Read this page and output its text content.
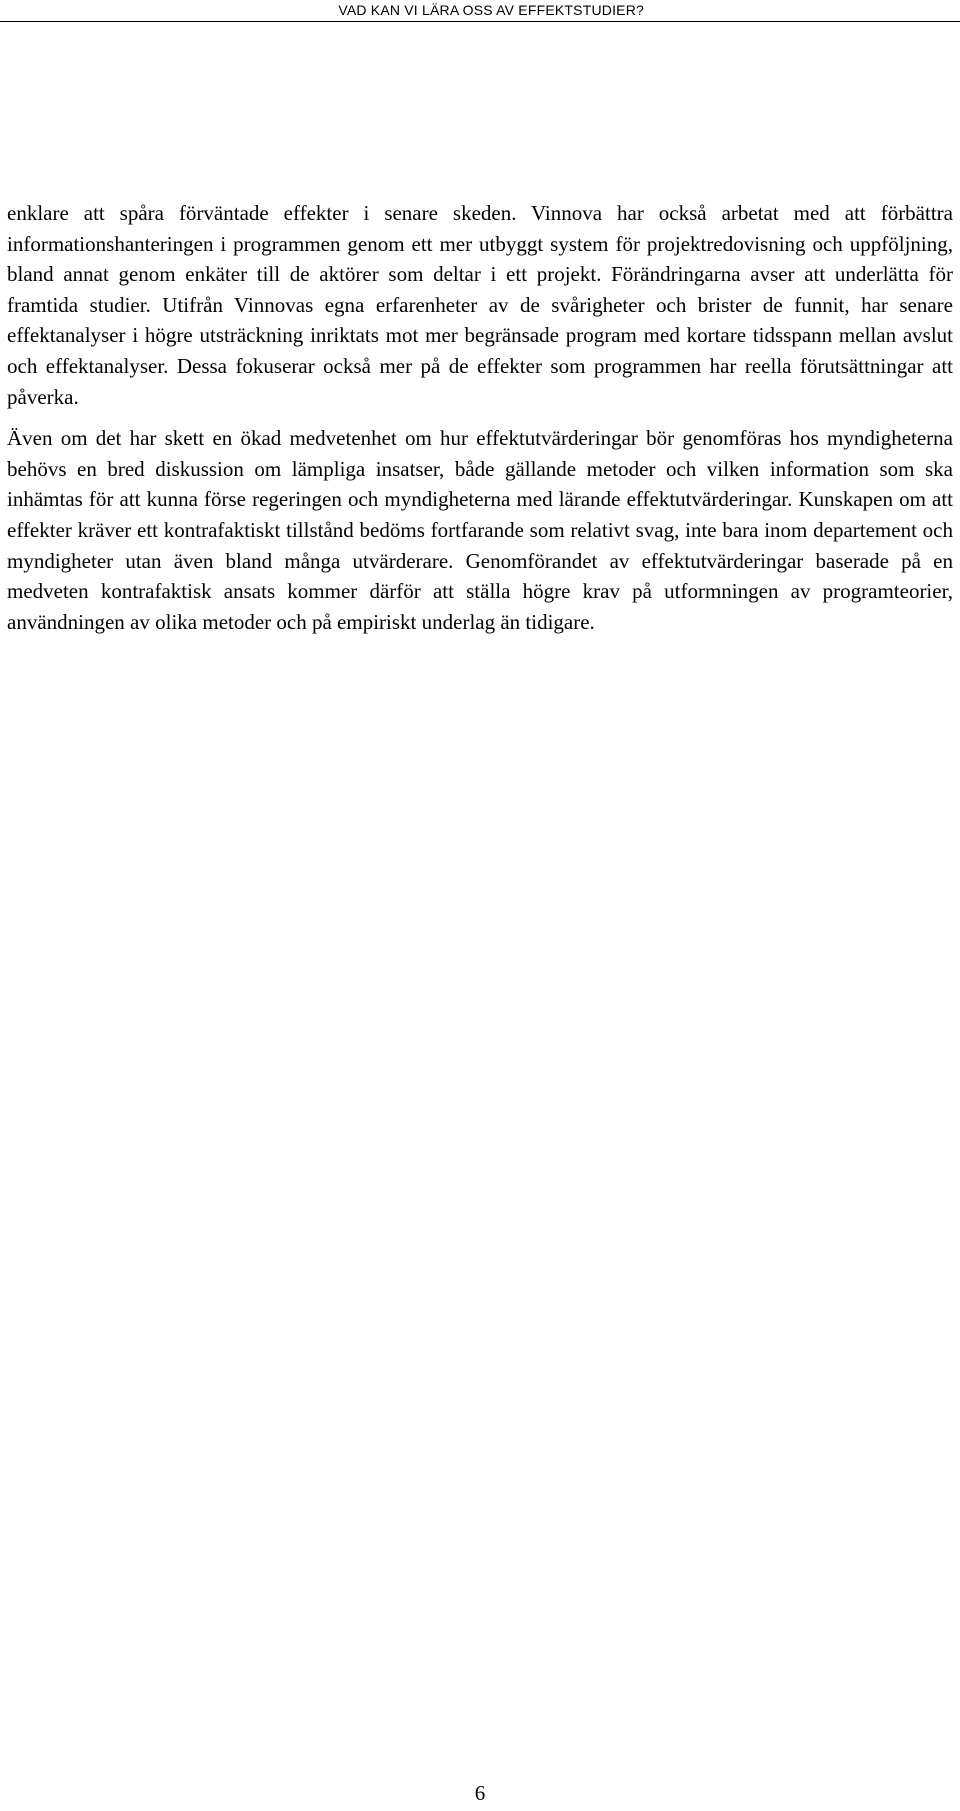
VAD KAN VI LÄRA OSS AV EFFEKTSTUDIER?

enklare att spåra förväntade effekter i senare skeden. Vinnova har också arbetat med att förbättra informationshanteringen i programmen genom ett mer utbyggt system för projektredovisning och uppföljning, bland annat genom enkäter till de aktörer som deltar i ett projekt. Förändringarna avser att underlätta för framtida studier. Utifrån Vinnovas egna erfarenheter av de svårigheter och brister de funnit, har senare effektanalyser i högre utsträckning inriktats mot mer begränsade program med kortare tidsspann mellan avslut och effektanalyser. Dessa fokuserar också mer på de effekter som programmen har reella förutsättningar att påverka.

Även om det har skett en ökad medvetenhet om hur effektutvärderingar bör genomföras hos myndigheterna behövs en bred diskussion om lämpliga insatser, både gällande metoder och vilken information som ska inhämtas för att kunna förse regeringen och myndigheterna med lärande effektutvärderingar. Kunskapen om att effekter kräver ett kontrafaktiskt tillstånd bedöms fortfarande som relativt svag, inte bara inom departement och myndigheter utan även bland många utvärderare. Genomförandet av effektutvärderingar baserade på en medveten kontrafaktisk ansats kommer därför att ställa högre krav på utformningen av programteorier, användningen av olika metoder och på empiriskt underlag än tidigare.

6
